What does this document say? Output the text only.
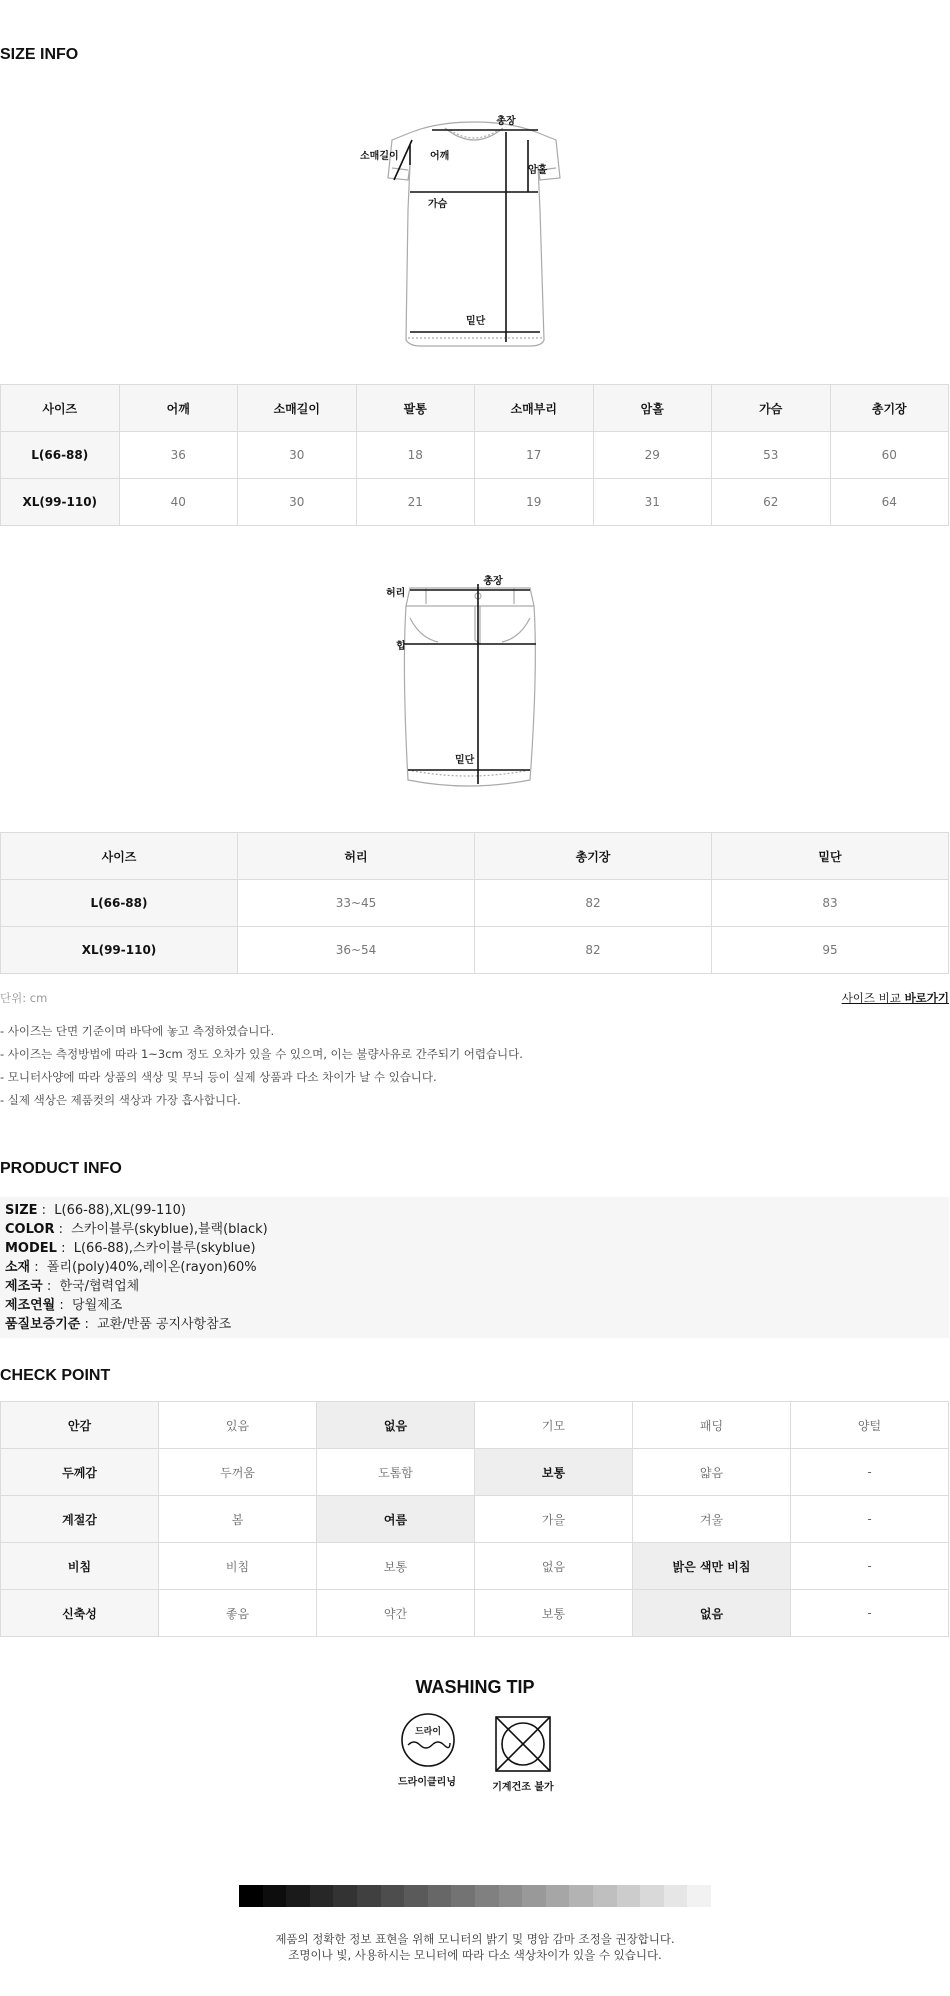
SIZE INFO
총장
소매길이	어깨
암홀
가슴
밑단
사이즈	어깨	소매길이	팔통	소매부리	암홀	가슴	총기장
L(66-88)	36	30	18	17	29	53	60
XL(99-110)	40	30	21	19	31	62	64
총장
허리
힙
밑단
사이즈	허리	총기장	밑단
L(66-88)	33~45	82	83
XL(99-110)	36~54	82	95
단위: cm	사이즈 비교 바로가기
- 사이즈는 단면 기준이며 바닥에 놓고 측정하였습니다.
- 사이즈는 측정방법에 따라 1~3cm 정도 오차가 있을 수 있으며, 이는 불량사유로 간주되기 어렵습니다.
- 모니터사양에 따라 상품의 색상 및 무늬 등이 실제 상품과 다소 차이가 날 수 있습니다.
- 실제 색상은 제품컷의 색상과 가장 흡사합니다.
PRODUCT INFO
SIZE :  L(66-88),XL(99-110)
COLOR :  스카이블루(skyblue),블랙(black)
MODEL :  L(66-88),스카이블루(skyblue)
소재 :  폴리(poly)40%,레이온(rayon)60%
제조국 :  한국/협력업체
제조연월 :  당월제조
품질보증기준 :  교환/반품 공지사항참조
CHECK POINT
안감	있음	없음	기모	패딩	양털
두께감	두꺼움	도톰함	보통	얇음	-
계절감	봄	여름	가을	겨울	-
비침	비침	보통	없음	밝은 색만 비침	-
신축성	좋음	약간	보통	없음	-
WASHING TIP
드라이
드라이클리닝	기계건조 불가
제품의 정확한 정보 표현을 위해 모니터의 밝기 및 명암 감마 조정을 권장합니다.
조명이나 빛, 사용하시는 모니터에 따라 다소 색상차이가 있을 수 있습니다.
